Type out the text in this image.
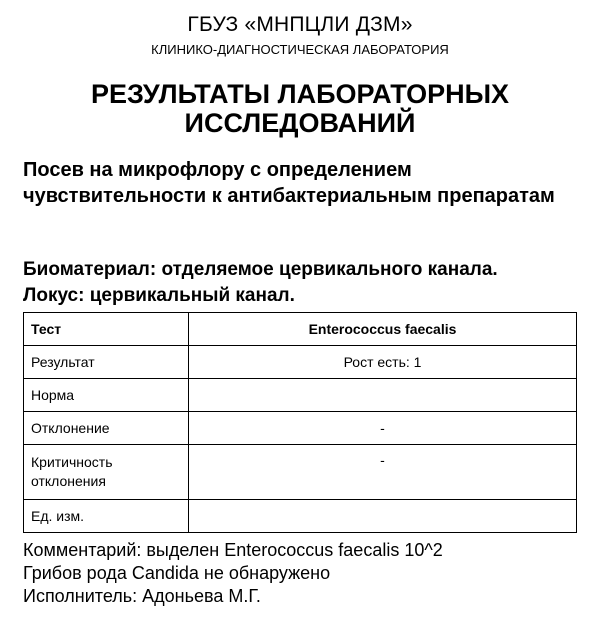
ГБУЗ «МНПЦЛИ ДЗМ»
КЛИНИКО-ДИАГНОСТИЧЕСКАЯ ЛАБОРАТОРИЯ
РЕЗУЛЬТАТЫ ЛАБОРАТОРНЫХ ИССЛЕДОВАНИЙ
Посев на микрофлору с определением чувствительности к антибактериальным препаратам
Биоматериал: отделяемое цервикального канала.
Локус: цервикальный канал.
Тест	Enterococcus faecalis
Результат	Рост есть: 1
Норма	
Отклонение	-
Критичность отклонения	-
Ед. изм.	
Комментарий: выделен Enterococcus faecalis 10^2
Грибов рода Candida не обнаружено
Исполнитель: Адоньева М.Г.
